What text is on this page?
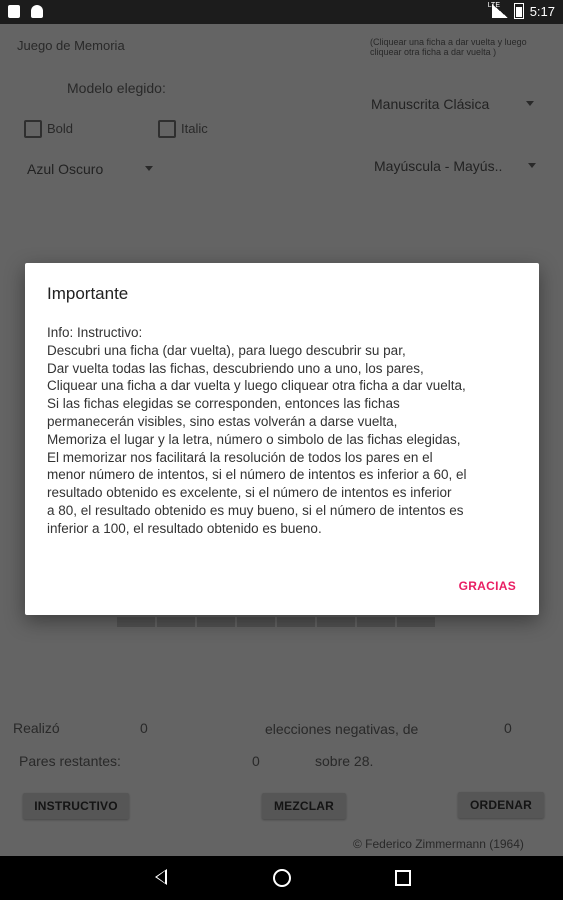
LTE 5:17
Importante
Info: Instructivo:
Descubri una ficha (dar vuelta), para luego descubrir su par,
Dar vuelta todas las fichas, descubriendo uno a uno, los pares,
Cliquear una ficha a dar vuelta y luego cliquear otra ficha a dar vuelta,
Si las fichas elegidas se corresponden, entonces las fichas
permanecerán visibles, sino estas volverán a darse vuelta,
Memoriza el lugar y la letra, número o simbolo de las fichas elegidas,
El memorizar nos facilitará la resolución de todos los pares en el
menor número de intentos, si el número de intentos es inferior a 60, el
resultado obtenido es excelente, si el número de intentos es inferior
a 80, el resultado obtenido es muy bueno, si el número de intentos es
inferior a 100, el resultado obtenido es bueno.
GRACIAS
